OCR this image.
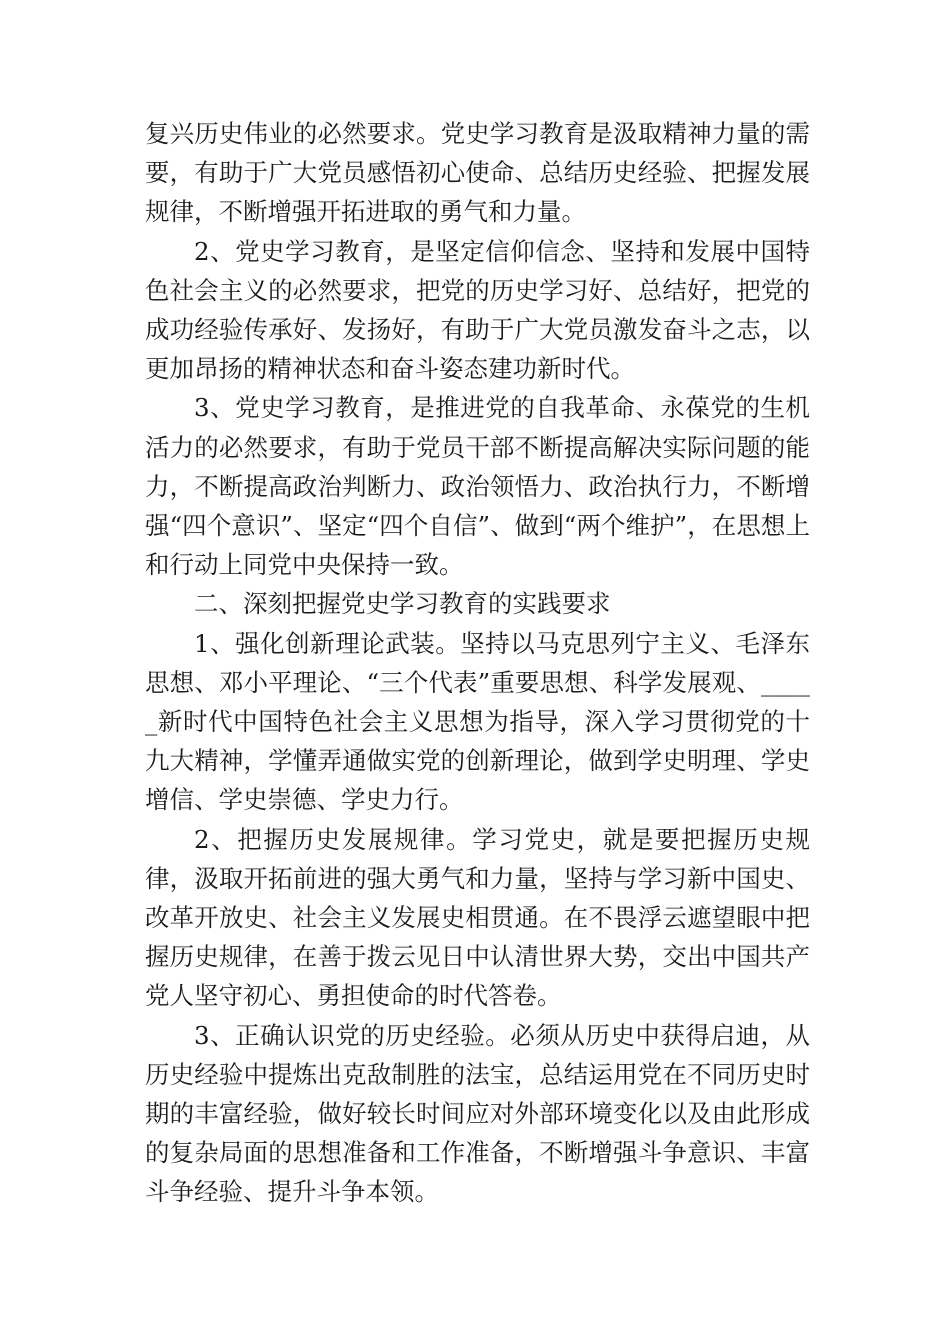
复兴历史伟业的必然要求。党史学习教育是汲取精神力量的需要，有助于广大党员感悟初心使命、总结历史经验、把握发展规律，不断增强开拓进取的勇气和力量。

2、党史学习教育，是坚定信仰信念、坚持和发展中国特色社会主义的必然要求，把党的历史学习好、总结好，把党的成功经验传承好、发扬好，有助于广大党员激发奋斗之志，以更加昂扬的精神状态和奋斗姿态建功新时代。

3、党史学习教育，是推进党的自我革命、永葆党的生机活力的必然要求，有助于党员干部不断提高解决实际问题的能力，不断提高政治判断力、政治领悟力、政治执行力，不断增强“四个意识”、坚定“四个自信”、做到“两个维护”，在思想上和行动上同党中央保持一致。

二、深刻把握党史学习教育的实践要求

1、强化创新理论武装。坚持以马克思列宁主义、毛泽东思想、邓小平理论、“三个代表”重要思想、科学发展观、_____新时代中国特色社会主义思想为指导，深入学习贯彻党的十九大精神，学懂弄通做实党的创新理论，做到学史明理、学史增信、学史崇德、学史力行。

2、把握历史发展规律。学习党史，就是要把握历史规律，汲取开拓前进的强大勇气和力量，坚持与学习新中国史、改革开放史、社会主义发展史相贯通。在不畏浮云遮望眼中把握历史规律，在善于拨云见日中认清世界大势，交出中国共产党人坚守初心、勇担使命的时代答卷。

3、正确认识党的历史经验。必须从历史中获得启迪，从历史经验中提炼出克敌制胜的法宝，总结运用党在不同历史时期的丰富经验，做好较长时间应对外部环境变化以及由此形成的复杂局面的思想准备和工作准备，不断增强斗争意识、丰富斗争经验、提升斗争本领。
